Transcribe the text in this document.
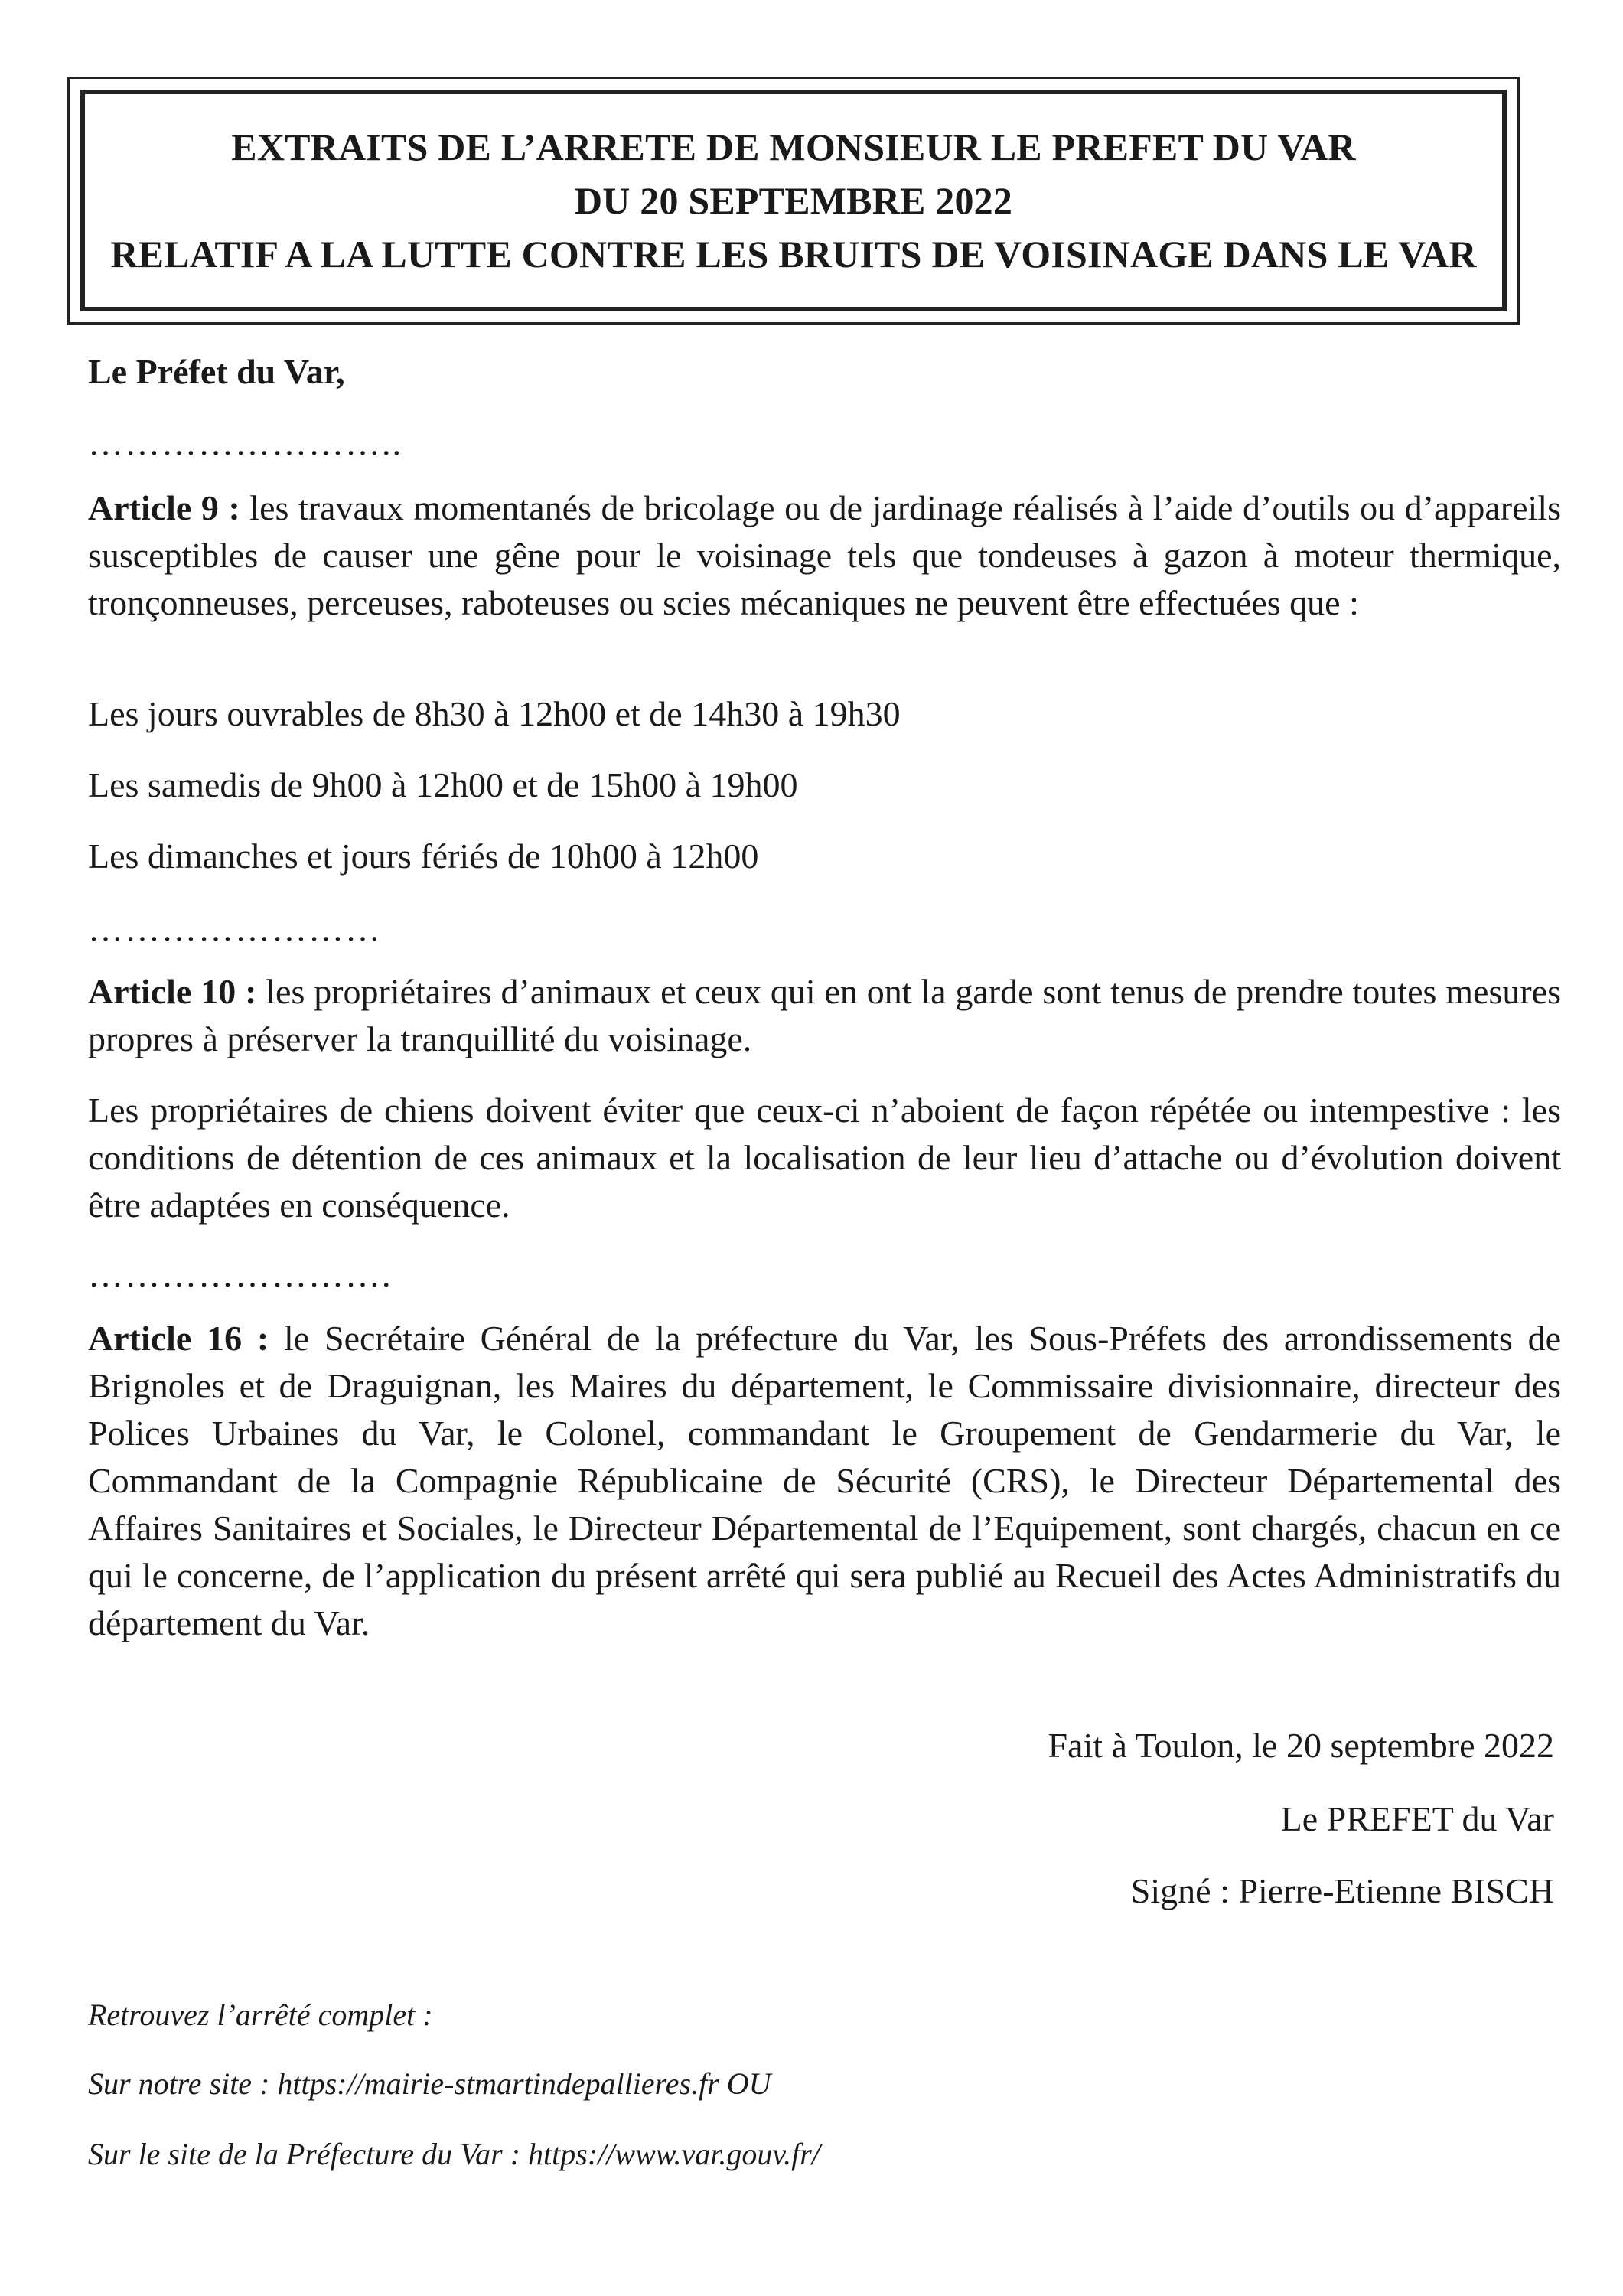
EXTRAITS DE L’ARRETE DE MONSIEUR LE PREFET DU VAR
DU 20 SEPTEMBRE 2022
RELATIF A LA LUTTE CONTRE LES BRUITS DE VOISINAGE DANS LE VAR
Le Préfet du Var,
……………………..

Article 9 : les travaux momentanés de bricolage ou de jardinage réalisés à l’aide d’outils ou d’appareils susceptibles de causer une gêne pour le voisinage tels que tondeuses à gazon à moteur thermique, tronçonneuses, perceuses, raboteuses ou scies mécaniques ne peuvent être effectuées que :

Les jours ouvrables de 8h30 à 12h00 et de 14h30 à 19h30
Les samedis de 9h00 à 12h00 et de 15h00 à 19h00
Les dimanches et jours fériés de 10h00 à 12h00
……………………

Article 10 : les propriétaires d’animaux et ceux qui en ont la garde sont tenus de prendre toutes mesures propres à préserver la tranquillité du voisinage.

Les propriétaires de chiens doivent éviter que ceux-ci n’aboient de façon répétée ou intempestive : les conditions de détention de ces animaux et la localisation de leur lieu d’attache ou d’évolution doivent être adaptées en conséquence.

…………………….

Article 16 : le Secrétaire Général de la préfecture du Var, les Sous-Préfets des arrondissements de Brignoles et de Draguignan, les Maires du département, le Commissaire divisionnaire, directeur des Polices Urbaines du Var, le Colonel, commandant le Groupement de Gendarmerie du Var, le Commandant de la Compagnie Républicaine de Sécurité (CRS), le Directeur Départemental des Affaires Sanitaires et Sociales, le Directeur Départemental de l’Equipement, sont chargés, chacun en ce qui le concerne, de l’application du présent arrêté qui sera publié au Recueil des Actes Administratifs du département du Var.

Fait à Toulon, le 20 septembre 2022
Le PREFET du Var
Signé : Pierre-Etienne BISCH
Retrouvez l’arrêté complet :
Sur notre site : https://mairie-stmartindepallieres.fr OU
Sur le site de la Préfecture du Var : https://www.var.gouv.fr/
